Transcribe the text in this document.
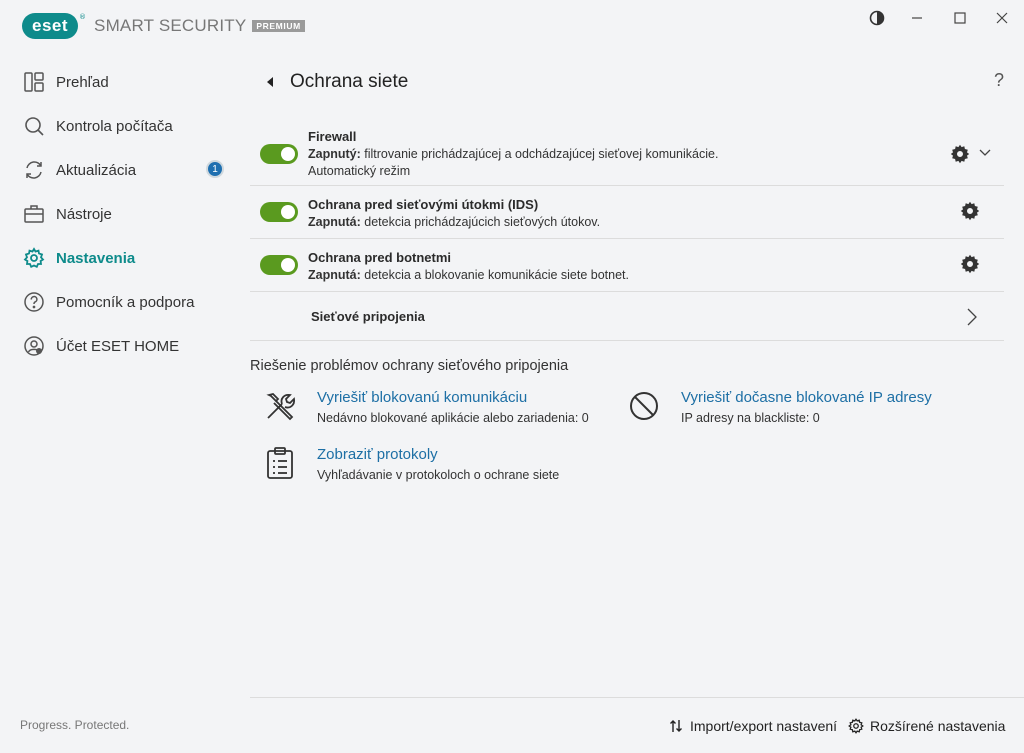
eset	® SMART SECURITY	PREMIUM
Prehľad
Kontrola počítača
Aktualizácia	1
Nástroje
Nastavenia
Pomocník a podpora
Účet ESET HOME
Progress. Protected.
Ochrana siete	?
Firewall
Zapnutý: filtrovanie prichádzajúcej a odchádzajúcej sieťovej komunikácie.
Automatický režim
Ochrana pred sieťovými útokmi (IDS)
Zapnutá: detekcia prichádzajúcich sieťových útokov.
Ochrana pred botnetmi
Zapnutá: detekcia a blokovanie komunikácie siete botnet.
Sieťové pripojenia
Riešenie problémov ochrany sieťového pripojenia
Vyriešiť blokovanú komunikáciu
Nedávno blokované aplikácie alebo zariadenia: 0
Vyriešiť dočasne blokované IP adresy
IP adresy na blackliste: 0
Zobraziť protokoly
Vyhľadávanie v protokoloch o ochrane siete
Import/export nastavení Rozšírené nastavenia
